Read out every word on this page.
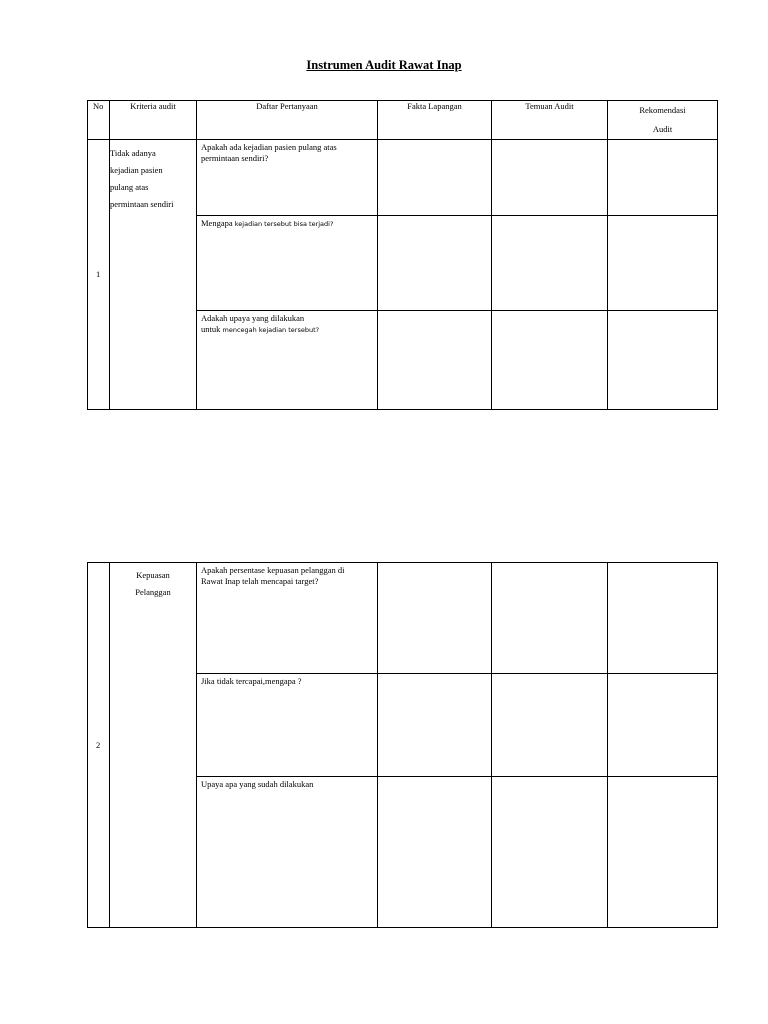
Instrumen Audit Rawat Inap
No	Kriteria audit	Daftar Pertanyaan	Fakta Lapangan	Temuan Audit	Rekomendasi
Audit
1	Tidak adanya
kejadian pasien
pulang atas
permintaan sendiri	Apakah ada kejadian pasien pulang atas
permintaan sendiri?			
		Mengapa kejadian tersebut bisa terjadi?			
		Adakah upaya yang dilakukan
untuk mencegah kejadian tersebut?			
2	Kepuasan
Pelanggan	Apakah persentase kepuasan pelanggan di
Rawat Inap telah mencapai target?			
		Jika tidak tercapai,mengapa ?			
		Upaya apa yang sudah dilakukan			
